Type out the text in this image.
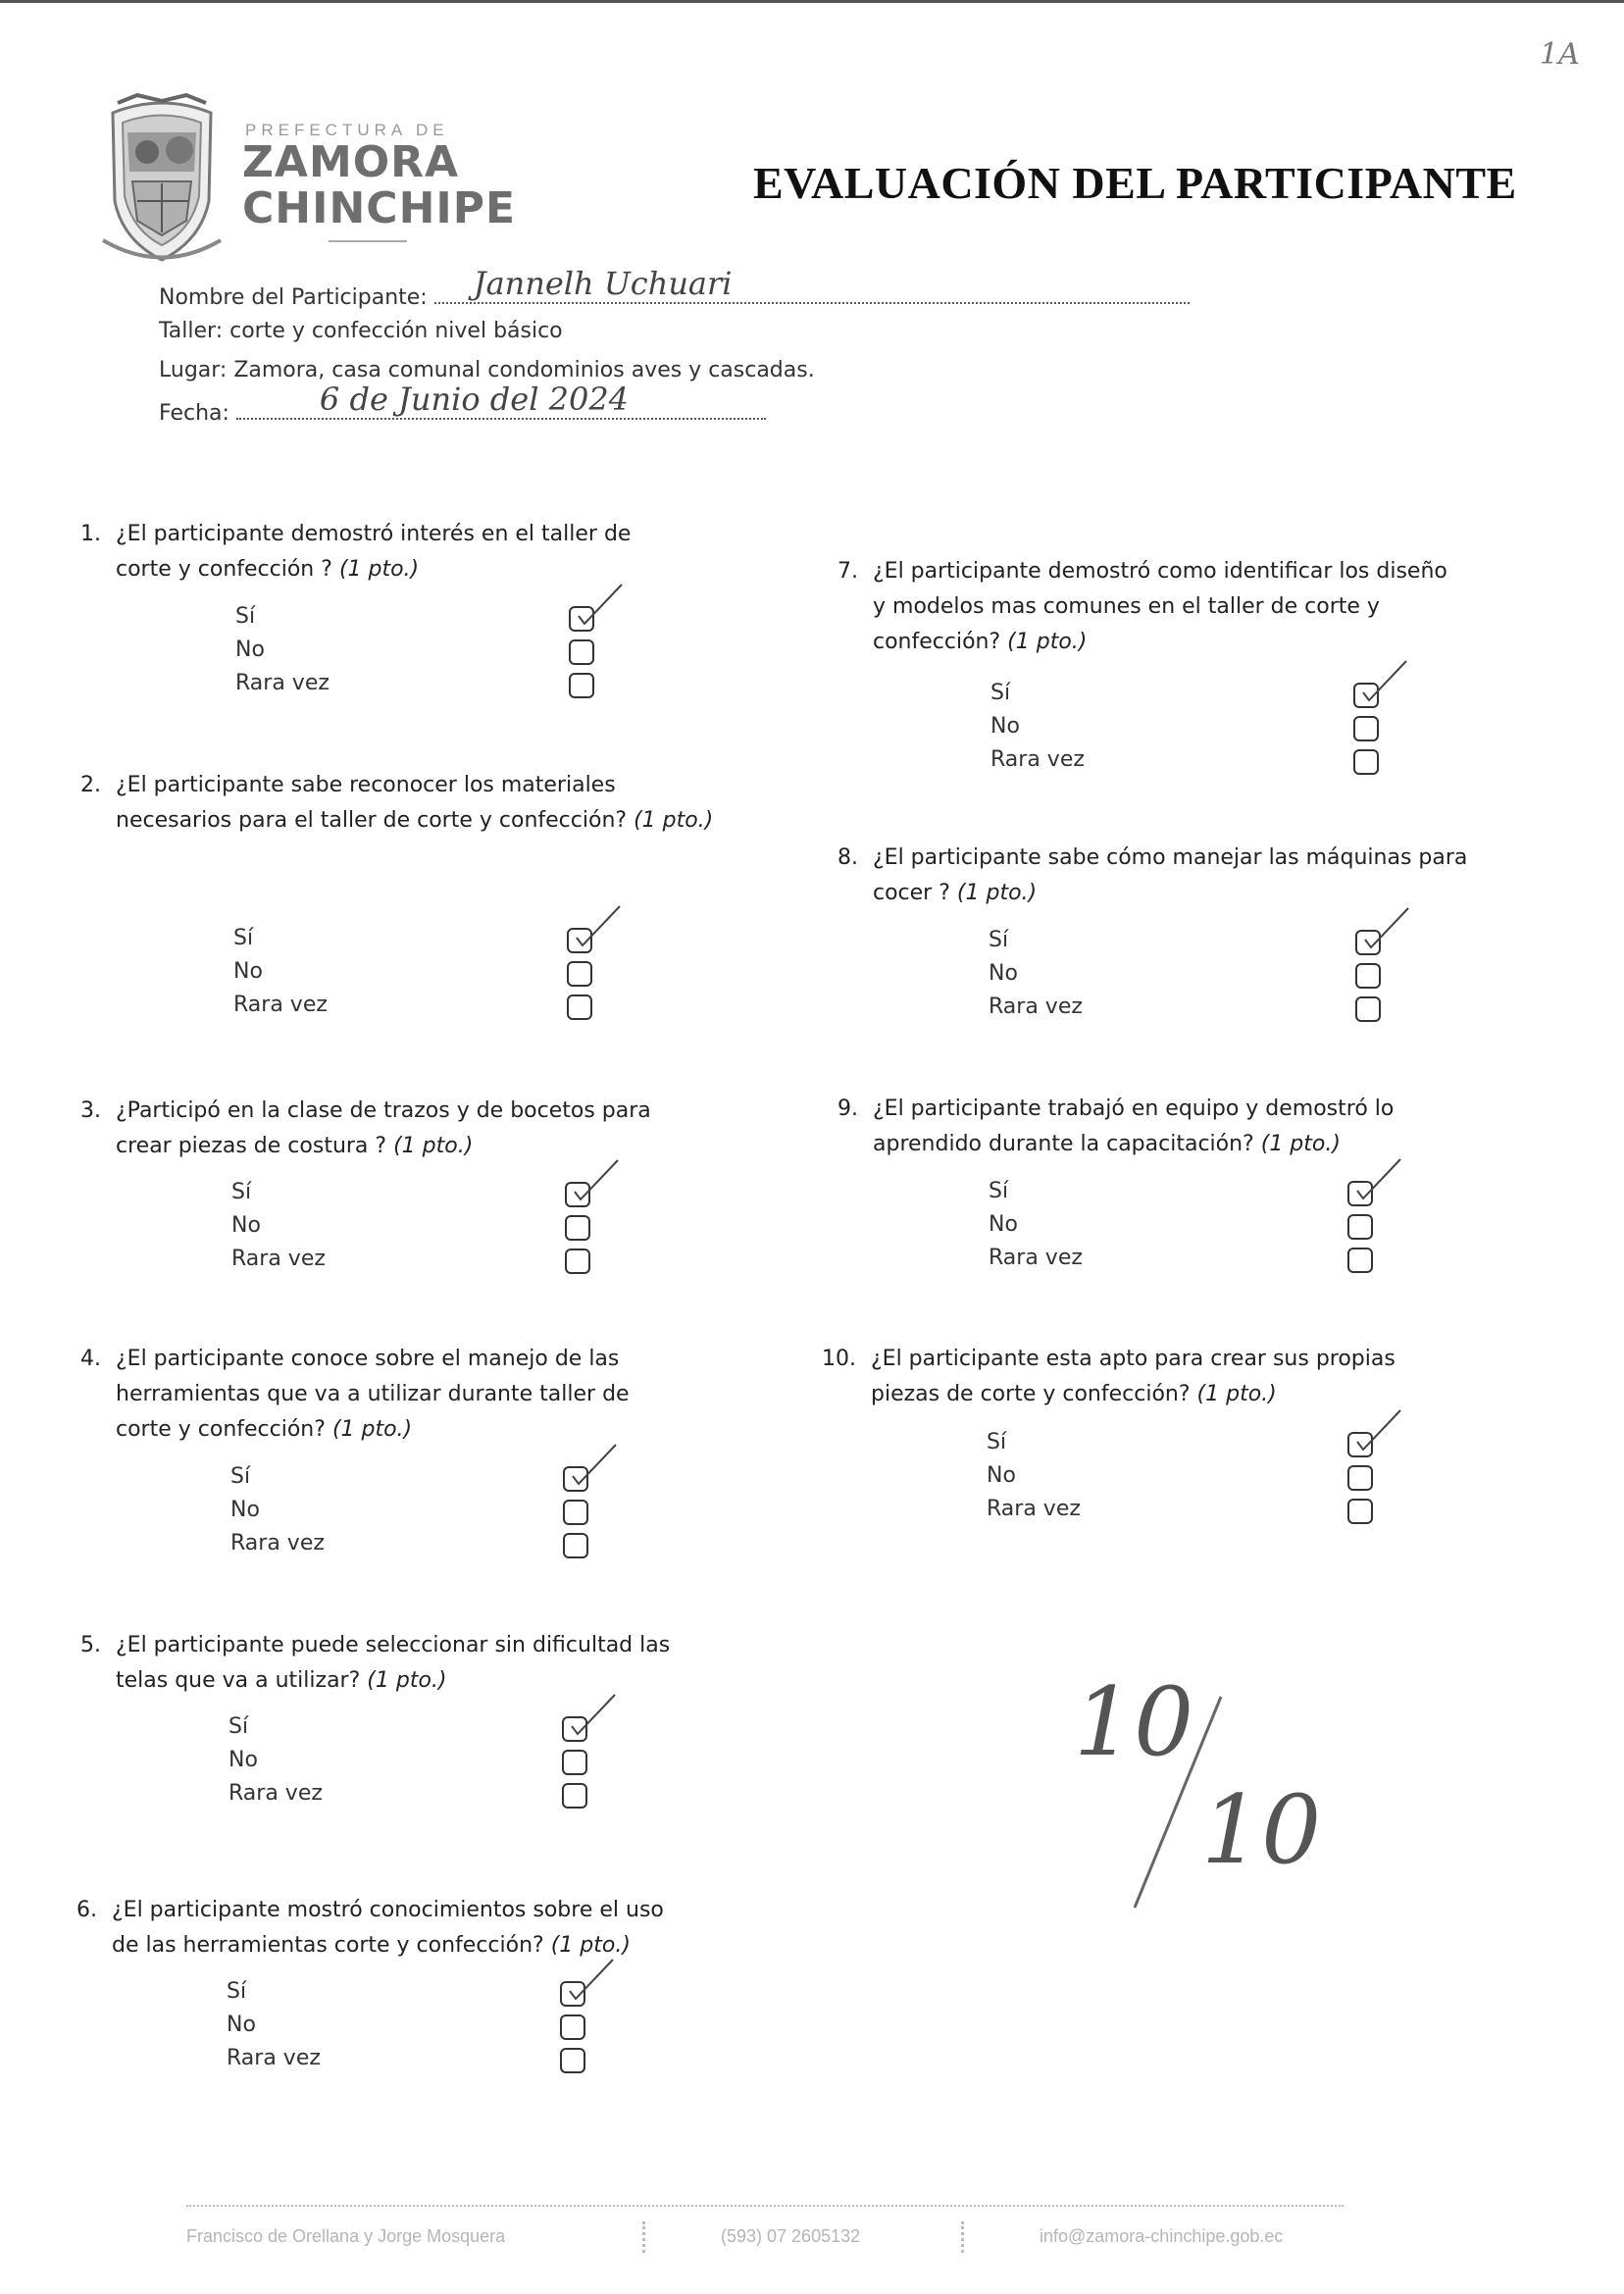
1A
PREFECTURA DE
ZAMORA
CHINCHIPE
EVALUACIÓN DEL PARTICIPANTE
Nombre del Participante: Jannelh Uchuari
Taller: corte y confección nivel básico
Lugar: Zamora, casa comunal condominios aves y cascadas.
Fecha:	6 de Junio del 2024
1. ¿El participante demostró interés en el taller de
corte y confección ? (1 pto.)
Sí
No
Rara vez
2. ¿El participante sabe reconocer los materiales
necesarios para el taller de corte y confección? (1 pto.)
Sí
No
Rara vez
3. ¿Participó en la clase de trazos y de bocetos para
crear piezas de costura ? (1 pto.)
Sí
No
Rara vez
4. ¿El participante conoce sobre el manejo de las
herramientas que va a utilizar durante taller de
corte y confección? (1 pto.)
Sí
No
Rara vez
5. ¿El participante puede seleccionar sin dificultad las
telas que va a utilizar? (1 pto.)
Sí
No
Rara vez
6. ¿El participante mostró conocimientos sobre el uso
de las herramientas corte y confección? (1 pto.)
Sí
No
Rara vez
7. ¿El participante demostró como identificar los diseño
y modelos mas comunes en el taller de corte y
confección? (1 pto.)
Sí
No
Rara vez
8. ¿El participante sabe cómo manejar las máquinas para
cocer ? (1 pto.)
Sí
No
Rara vez
9. ¿El participante trabajó en equipo y demostró lo
aprendido durante la capacitación? (1 pto.)
Sí
No
Rara vez
10. ¿El participante esta apto para crear sus propias
piezas de corte y confección? (1 pto.)
Sí
No
Rara vez
10
10
Francisco de Orellana y Jorge Mosquera	(593) 07 2605132	info@zamora-chinchipe.gob.ec
